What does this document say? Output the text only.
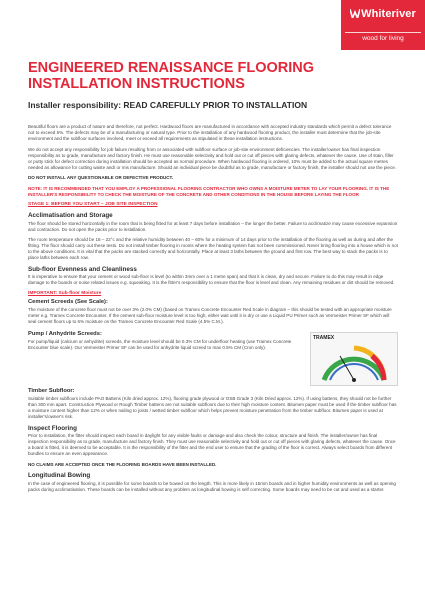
Whiteriver
wood for living
ENGINEERED RENAISSANCE FLOORING INSTALLATION INSTRUCTIONS
Installer responsibility: READ CAREFULLY PRIOR TO INSTALLATION

Beautiful floors are a product of nature and therefore, not perfect. Hardwood floors are manufactured in accordance with accepted industry standards which permit a defect tolerance not to exceed 5%. The defects may be of a manufacturing or natural type. Prior to the installation of any hardwood flooring product, the installer must determine that the job-site environment and the subfloor surfaces involved, meet or exceed all requirements as stipulated in these installation instructions.

We do not accept any responsibility for job failure resulting from or associated with subfloor surface or job-site environment deficiencies. The installer/owner has final inspection responsibility as to grade, manufacture and factory finish. He must use reasonable selectivity and hold out or cut off pieces with glaring defects, whatever the cause. Use of stain, filler or putty stick for defect correction during installation should be accepted as normal procedure. When hardwood flooring is ordered, 10% must be added to the actual square metres needed as allowance for cutting waste and/ or mis manufacture. Should an individual piece be doubtful as to grade, manufacture or factory finish, the installer should not use the piece.

DO NOT INSTALL ANY QUESTIONABLE OR DEFECTIVE PRODUCT.

NOTE: IT IS RECOMMENDED THAT YOU EMPLOY A PROFESSIONAL FLOORING CONTRACTOR WHO OWNS A MOISTURE METER TO LAY YOUR FLOORING. IT IS THE INSTALLER'S RESPONSIBILITY TO CHECK THE MOISTURE OF THE CONCRETE AND OTHER CONDITIONS IN THE HOUSE BEFORE LAYING THE FLOOR

STAGE 1: BEFORE YOU START – JOB SITE INSPECTION
Acclimatisation and Storage

The floor should be stored horizontally in the room that is being fitted for at least 7 days before installation – the longer the better. Failure to acclimatize may cause excessive expansion and contraction. Do not open the packs prior to installation.

The room temperature should be 18 – 22°c and the relative humidity between 40 – 60% for a minimum of 14 days prior to the installation of the flooring as well as during and after the fitting. The floor should carry out these tests. Do not install timber flooring in rooms where the heating system has not been commissioned. Never bring flooring into a house which is not to the above conditions. It is vital that the packs are stacked correctly and horizontally. Place at least 3 laths between the ground and first row. The best way to stack the packs is to place laths between each row.

Sub-floor Evenness and Cleanliness

It is imperative to ensure that your cement or wood sub-floor is level (to within 3mm over a 1 metre span) and that it is clean, dry and secure. Failure to do this may result in edge damage to the boards or noise related issues e.g. squeaking. It is the fitter's responsibility to ensure that the floor is level and clean. Any remaining residues or dirt should be removed.

IMPORTANT: Sub-floor Moisture
Cement Screeds (See Scale):

The moisture of the concrete floor must not be over 3% (2.0% CM) (based on Tramex Concrete Encounter Red Scale in diagram – this should be tested with an appropriate moisture meter e.g. Tramex Concrete Encounter. If the cement sub-floor moisture level is too high, either wait until it is dry or use a Liquid PU Primer such as Vermeister Primer SF which will seal cement floors up to 6% moisture on the Tramex Concrete Encounter Red Scale (4.5% C.M.).

Pump / Anhydrite Screeds:

For pump/liquid (calcium or anhydrite) screeds, the moisture level should be 0.3% CM for underfloor heating (use Tramex Concrete Encounter blue scale). Our Vermeister Primer SF can be used for anhydrite liquid screed to max 0.5% CM (Cron only).

TRAMEX
Timber Subfloor:

Suitable timber subfloors include PAO Battens (Kiln dried approx. 12%), flooring grade plywood or OSB Grade 3 (Kiln Dried approx. 12%). If using battens, they should not be further than 300 mm apart. Construction Plywood or Rough Timber battens are not suitable subfloors due to their high moisture content. Bitumen paper must be used if the timber subfloor has a moisture content higher than 12% or when nailing to joists / wetted timber subfloor which helps prevent moisture penetration from the timber subfloor. Bitumen paper is used at installer's/owner's risk.

Inspect Flooring

Prior to installation, the fitter should inspect each board in daylight for any visible faults or damage and also check the colour, structure and finish. The installer/owner has final inspection responsibility as to grade, manufacture and factory finish. They must use reasonable selectivity and hold out or cut off pieces with glaring defects, whatever the cause. Once a board is fitted, it is deemed to be acceptable. It is the responsibility of the fitter and the end user to ensure that the grading of the floor is correct. Always select boards from different bundles to ensure an even appearance.

NO CLAIMS ARE ACCEPTED ONCE THE FLOORING BOARDS HAVE BEEN INSTALLED.

Longitudinal Bowing

In the case of engineered flooring, it is possible for some boards to be bowed on the length. This is more likely in 15mm boards and in higher humidity environments as well as opening packs during acclimatisation. These boards can be installed without any problem as longitudinal bowing is self correcting. Some boards may need to be cut and used as a starter.
